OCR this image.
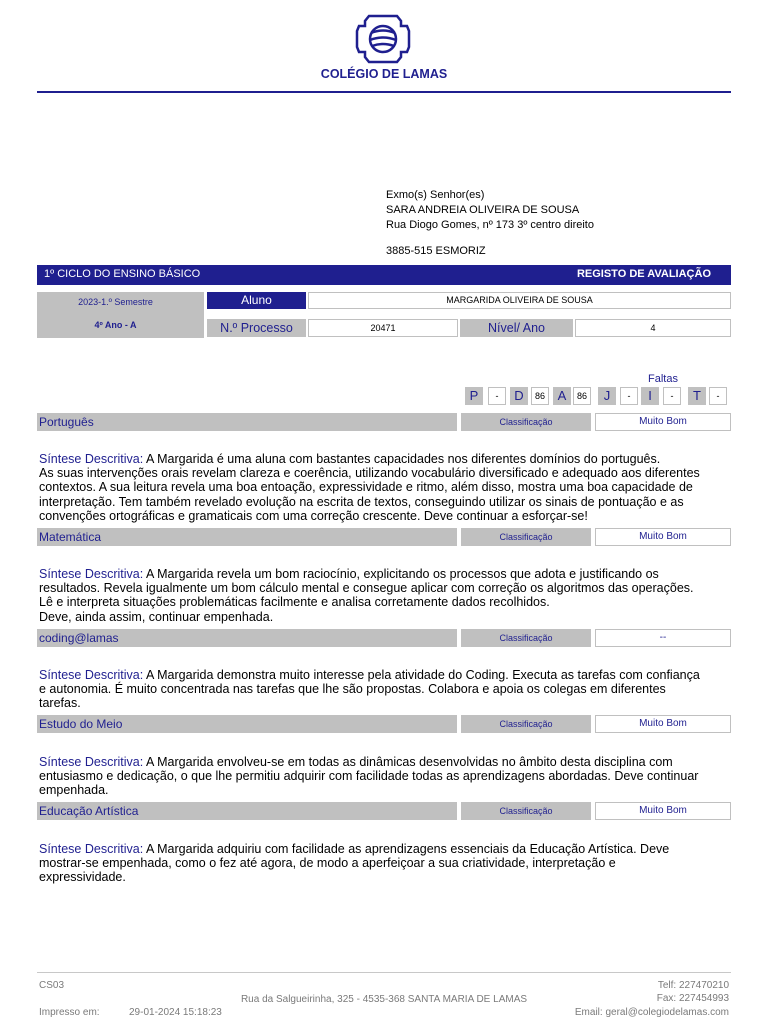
COLÉGIO DE LAMAS
Exmo(s) Senhor(es)
SARA ANDREIA OLIVEIRA DE SOUSA
Rua Diogo Gomes, nº 173 3º centro direito
3885-515 ESMORIZ
1º CICLO DO ENSINO BÁSICO	REGISTO DE AVALIAÇÃO
2023-1.º Semestre
4º Ano - A
Aluno	MARGARIDA OLIVEIRA DE SOUSA
N.º Processo	20471	Nível/ Ano	4
Faltas
P	-	D	86 A	86	J	-	I	-	T	-
Português	Classificação	Muito Bom
Síntese Descritiva: A Margarida é uma aluna com bastantes capacidades nos diferentes domínios do português.
As suas intervenções orais revelam clareza e coerência, utilizando vocabulário diversificado e adequado aos diferentes
contextos. A sua leitura revela uma boa entoação, expressividade e ritmo, além disso, mostra uma boa capacidade de
interpretação. Tem também revelado evolução na escrita de textos, conseguindo utilizar os sinais de pontuação e as
convenções ortográficas e gramaticais com uma correção crescente. Deve continuar a esforçar-se!
Matemática	Classificação	Muito Bom
Síntese Descritiva: A Margarida revela um bom raciocínio, explicitando os processos que adota e justificando os
resultados. Revela igualmente um bom cálculo mental e consegue aplicar com correção os algoritmos das operações.
Lê e interpreta situações problemáticas facilmente e analisa corretamente dados recolhidos.
Deve, ainda assim, continuar empenhada.
coding@lamas	Classificação	--
Síntese Descritiva: A Margarida demonstra muito interesse pela atividade do Coding. Executa as tarefas com confiança
e autonomia. É muito concentrada nas tarefas que lhe são propostas. Colabora e apoia os colegas em diferentes
tarefas.
Estudo do Meio	Classificação	Muito Bom
Síntese Descritiva: A Margarida envolveu-se em todas as dinâmicas desenvolvidas no âmbito desta disciplina com
entusiasmo e dedicação, o que lhe permitiu adquirir com facilidade todas as aprendizagens abordadas. Deve continuar
empenhada.
Educação Artística	Classificação	Muito Bom
Síntese Descritiva: A Margarida adquiriu com facilidade as aprendizagens essenciais da Educação Artística. Deve
mostrar-se empenhada, como o fez até agora, de modo a aperfeiçoar a sua criatividade, interpretação e
expressividade.
CS03
Impresso em:	29-01-2024 15:18:23
Rua da Salgueirinha, 325 - 4535-368 SANTA MARIA DE LAMAS
Telf: 227470210
Fax: 227454993
Email: geral@colegiodelamas.com
